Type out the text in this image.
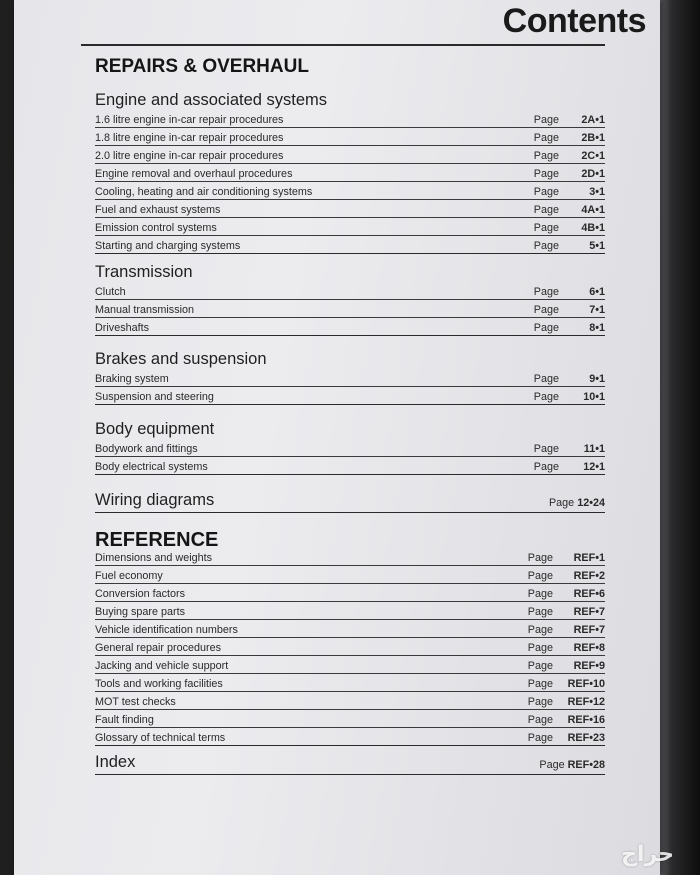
Contents
REPAIRS & OVERHAUL
Engine and associated systems
1.6 litre engine in-car repair procedures	Page 2A•1
1.8 litre engine in-car repair procedures	Page 2B•1
2.0 litre engine in-car repair procedures	Page 2C•1
Engine removal and overhaul procedures	Page 2D•1
Cooling, heating and air conditioning systems	Page	3•1
Fuel and exhaust systems	Page 4A•1
Emission control systems	Page 4B•1
Starting and charging systems	Page	5•1
Transmission
Clutch	Page	6•1
Manual transmission	Page	7•1
Driveshafts	Page	8•1
Brakes and suspension
Braking system	Page	9•1
Suspension and steering	Page 10•1
Body equipment
Bodywork and fittings	Page 11•1
Body electrical systems	Page 12•1
Wiring diagrams	Page 12•24
REFERENCE
Dimensions and weights	Page REF•1
Fuel economy	Page REF•2
Conversion factors	Page REF•6
Buying spare parts	Page REF•7
Vehicle identification numbers	Page REF•7
General repair procedures	Page REF•8
Jacking and vehicle support	Page REF•9
Tools and working facilities	Page REF•10
MOT test checks	Page REF•12
Fault finding	Page REF•16
Glossary of technical terms	Page REF•23
Index	Page REF•28
حراج
